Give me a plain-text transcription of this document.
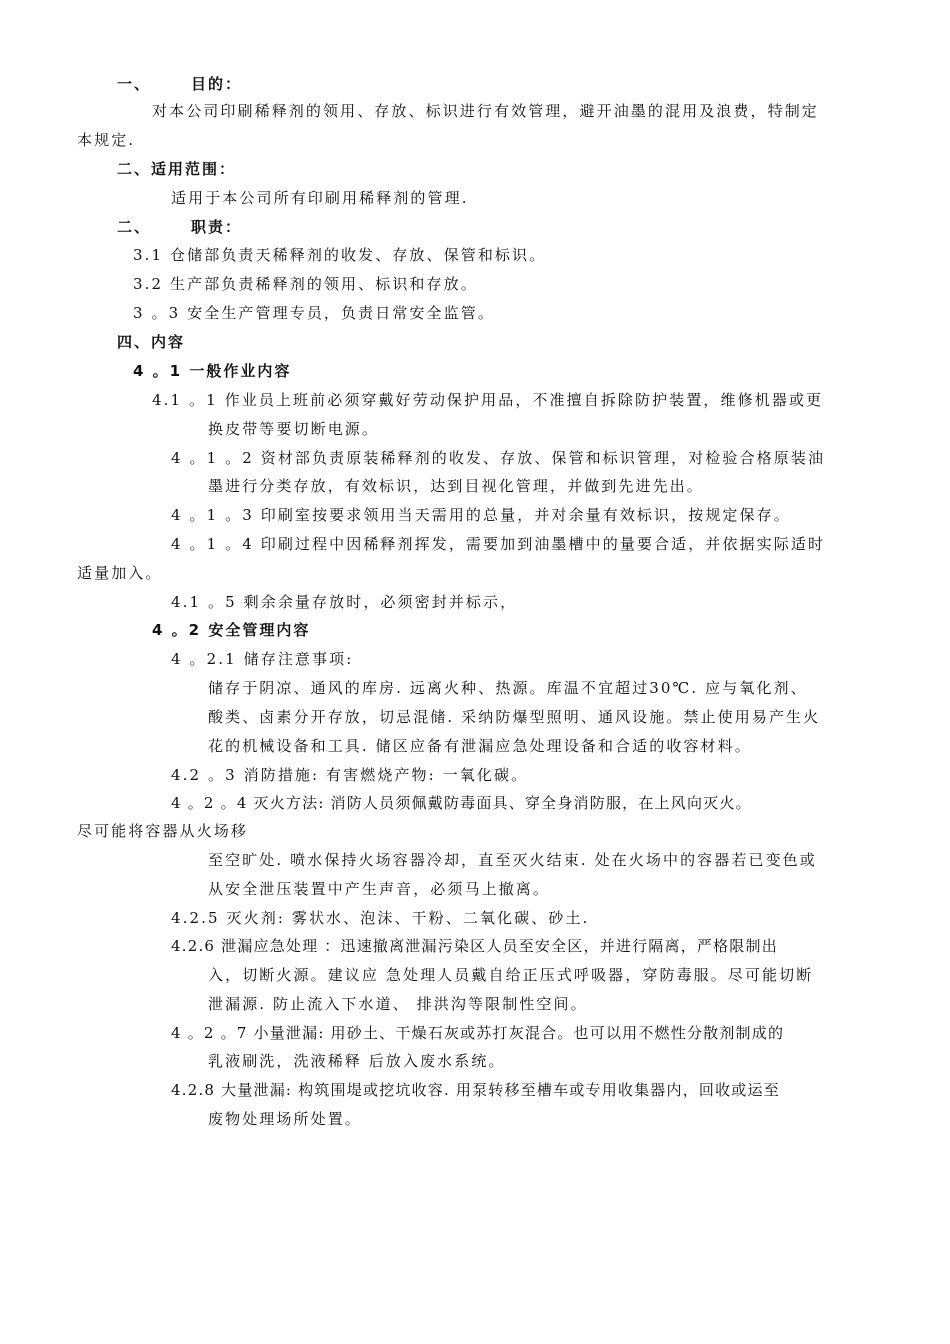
一、	目的：
对本公司印刷稀释剂的领用、存放、标识进行有效管理，避开油墨的混用及浪费，特制定
本规定.
二、适用范围：
适用于本公司所有印刷用稀释剂的管理.
二、	职责：
3.1 仓储部负责天稀释剂的收发、存放、保管和标识。
3.2 生产部负责稀释剂的领用、标识和存放。
3 。3 安全生产管理专员，负责日常安全监管。
四、内容
4 。1 一般作业内容
4.1 。1 作业员上班前必须穿戴好劳动保护用品，不准擅自拆除防护装置，维修机器或更
换皮带等要切断电源。
4 。1 。2 资材部负责原装稀释剂的收发、存放、保管和标识管理，对检验合格原装油
墨进行分类存放，有效标识，达到目视化管理，并做到先进先出。
4 。1 。3 印刷室按要求领用当天需用的总量，并对余量有效标识，按规定保存。
4 。1 。4 印刷过程中因稀释剂挥发，需要加到油墨槽中的量要合适，并依据实际适时
适量加入。
4.1 。5 剩余余量存放时，必须密封并标示，
4 。2 安全管理内容
4 。2.1 储存注意事项:
储存于阴凉、通风的库房. 远离火种、热源。库温不宜超过30℃. 应与氧化剂、
酸类、卤素分开存放，切忌混储. 采纳防爆型照明、通风设施。禁止使用易产生火
花的机械设备和工具. 储区应备有泄漏应急处理设备和合适的收容材料。
4.2 。3 消防措施: 有害燃烧产物: 一氧化碳。
4 。2 。4 灭火方法: 消防人员须佩戴防毒面具、穿全身消防服，在上风向灭火。
尽可能将容器从火场移
至空旷处. 喷水保持火场容器冷却，直至灭火结束. 处在火场中的容器若已变色或
从安全泄压装置中产生声音，必须马上撤离。
4.2.5 灭火剂: 雾状水、泡沫、干粉、二氧化碳、砂土.
4.2.6 泄漏应急处理 ：迅速撤离泄漏污染区人员至安全区，并进行隔离，严格限制出
入，切断火源。建议应 急处理人员戴自给正压式呼吸器，穿防毒服。尽可能切断
泄漏源. 防止流入下水道、 排洪沟等限制性空间。
4 。2 。7 小量泄漏: 用砂土、干燥石灰或苏打灰混合。也可以用不燃性分散剂制成的
乳液刷洗，洗液稀释 后放入废水系统。
4.2.8 大量泄漏: 构筑围堤或挖坑收容. 用泵转移至槽车或专用收集器内，回收或运至
废物处理场所处置。
